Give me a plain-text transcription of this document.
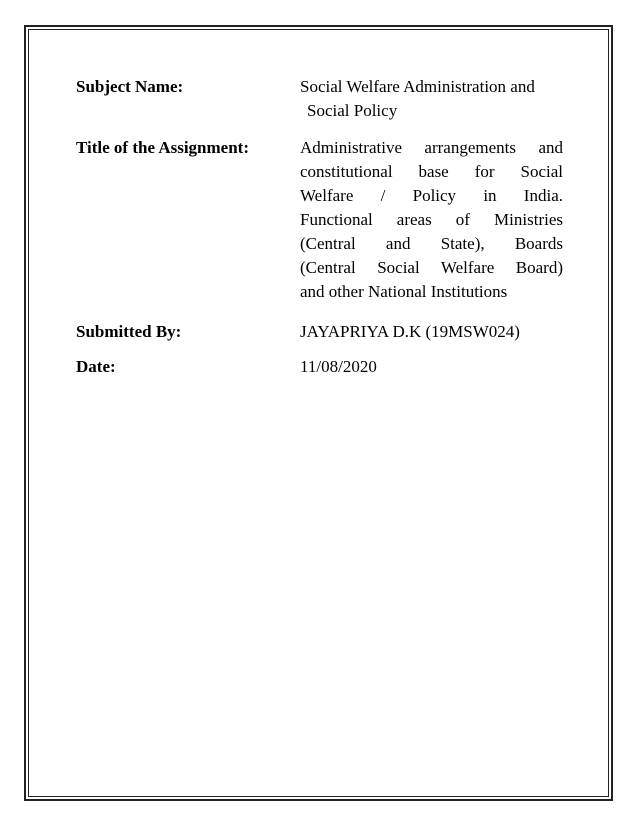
Subject Name:	Social Welfare Administration and
Social Policy
Title of the Assignment:	Administrative arrangements and
constitutional base for Social
Welfare / Policy in India.
Functional areas of Ministries
(Central and State), Boards
(Central Social Welfare Board)
and other National Institutions
Submitted By:	JAYAPRIYA D.K (19MSW024)
Date:	11/08/2020
